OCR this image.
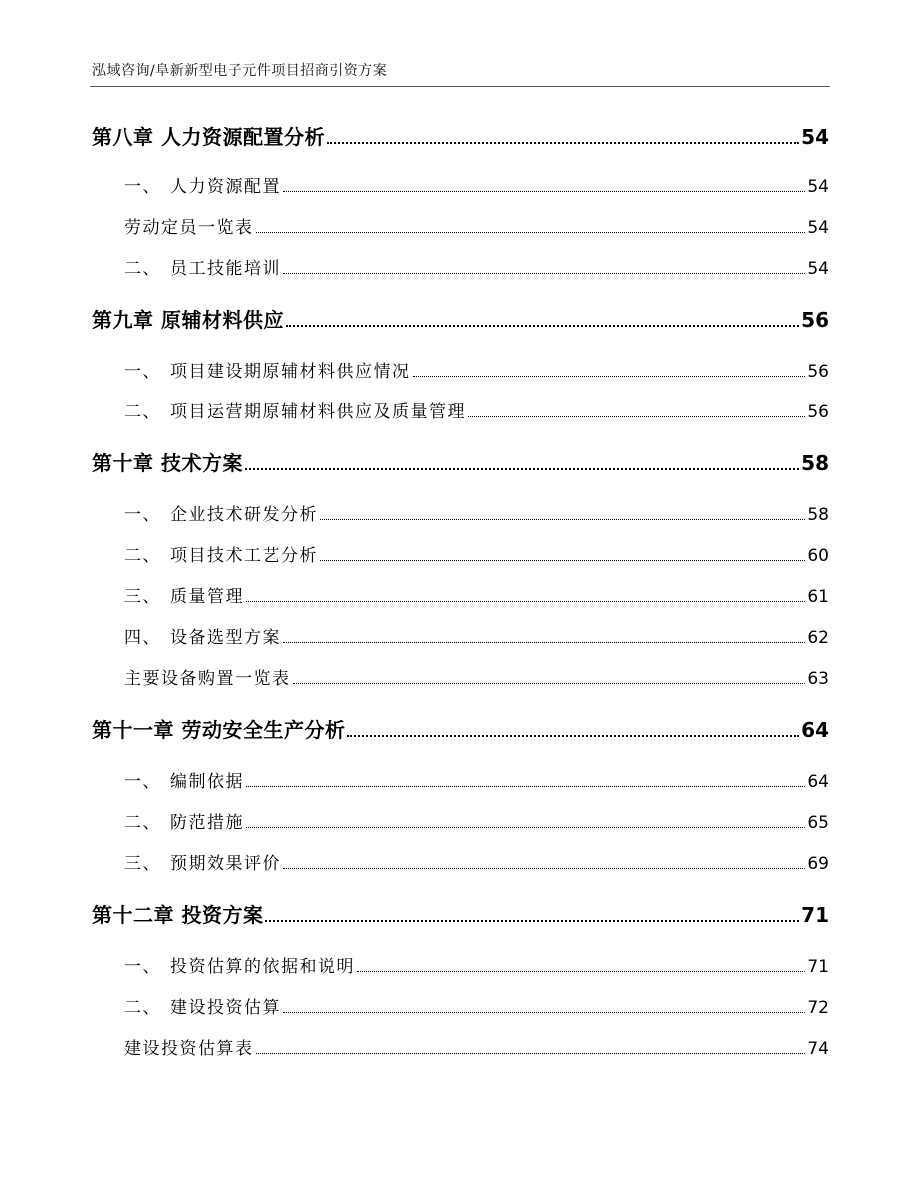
泓域咨询/阜新新型电子元件项目招商引资方案
第八章 人力资源配置分析	54
一、 人力资源配置	54
劳动定员一览表	54
二、 员工技能培训	54
第九章 原辅材料供应	56
一、 项目建设期原辅材料供应情况	56
二、 项目运营期原辅材料供应及质量管理	56
第十章 技术方案	58
一、 企业技术研发分析	58
二、 项目技术工艺分析	60
三、 质量管理	61
四、 设备选型方案	62
主要设备购置一览表	63
第十一章 劳动安全生产分析	64
一、 编制依据	64
二、 防范措施	65
三、 预期效果评价	69
第十二章 投资方案	71
一、 投资估算的依据和说明	71
二、 建设投资估算	72
建设投资估算表	74
